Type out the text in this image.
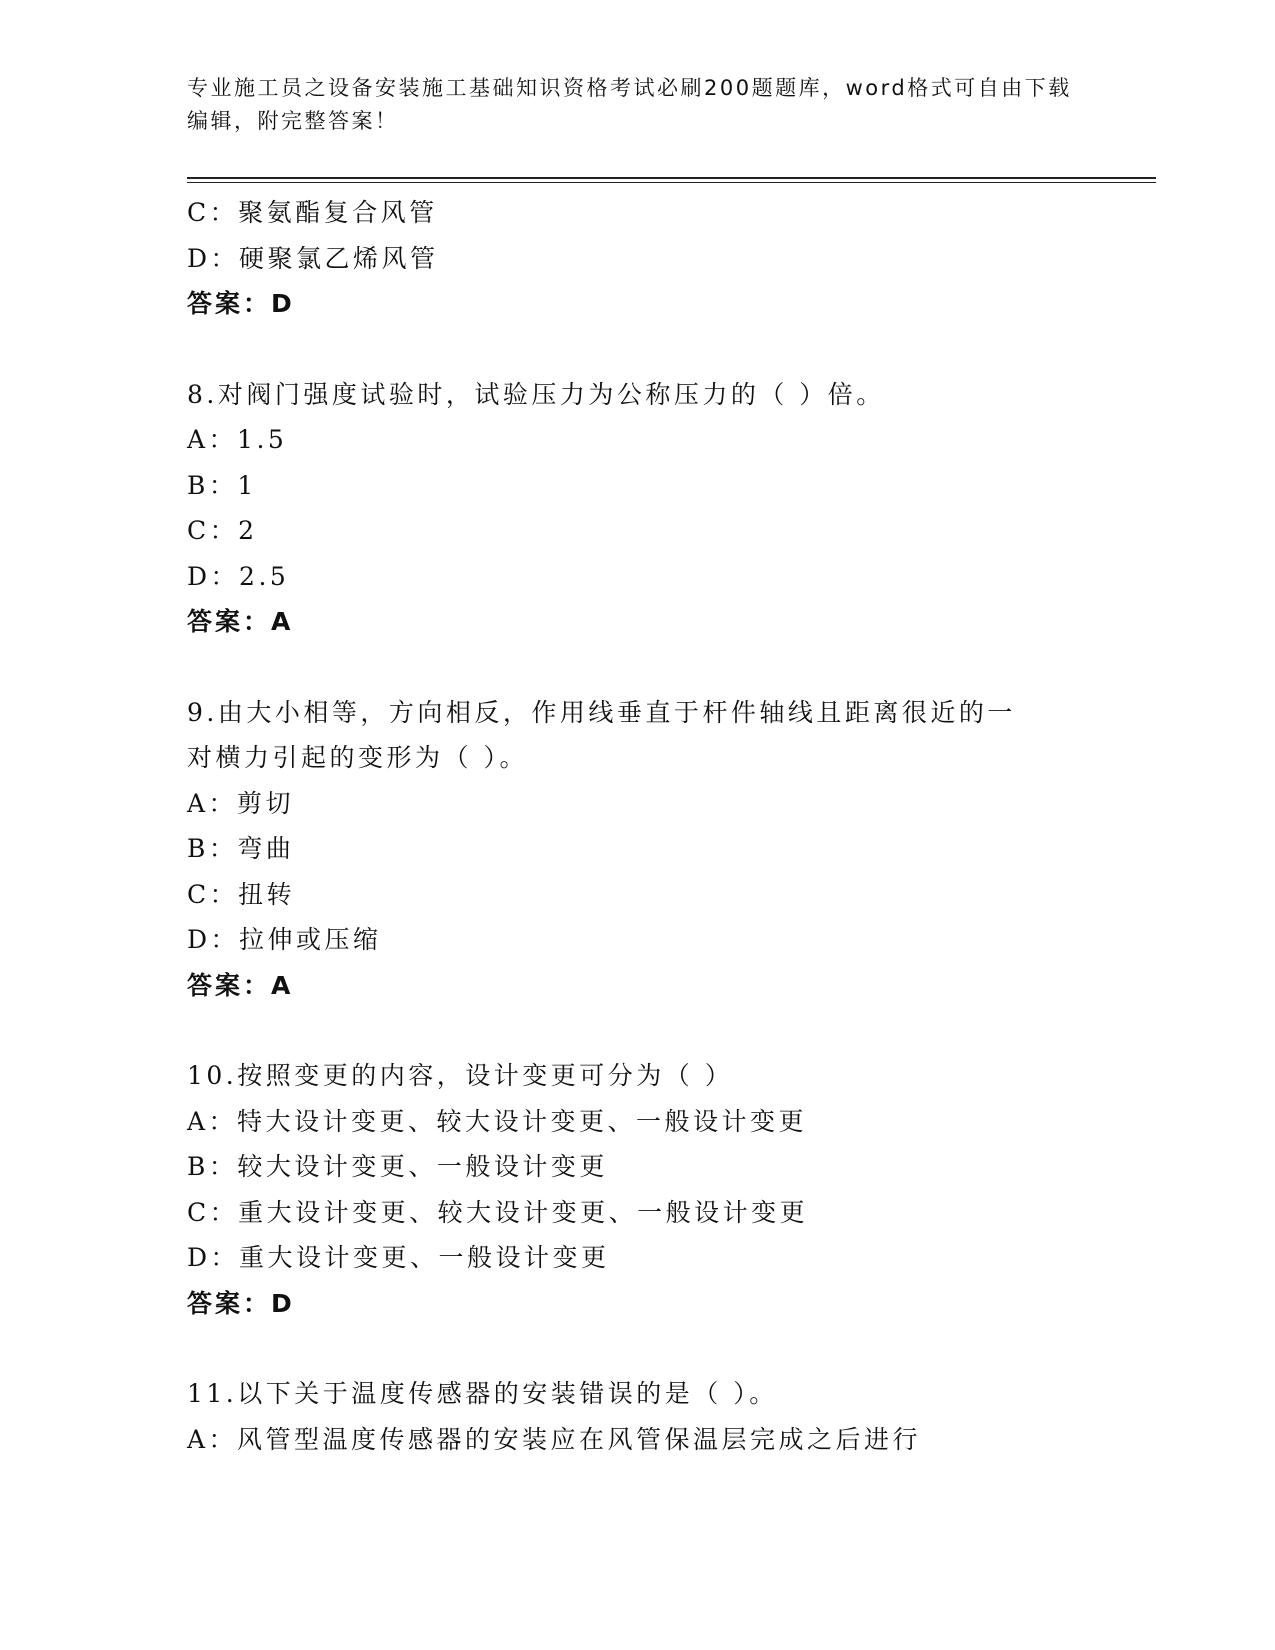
专业施工员之设备安装施工基础知识资格考试必刷200题题库，word格式可自由下载编辑，附完整答案！
C：聚氨酯复合风管
D：硬聚氯乙烯风管
答案：D
8.对阀门强度试验时，试验压力为公称压力的（ ）倍。
A：1.5
B：1
C：2
D：2.5
答案：A
9.由大小相等，方向相反，作用线垂直于杆件轴线且距离很近的一对横力引起的变形为（ ）。
A：剪切
B：弯曲
C：扭转
D：拉伸或压缩
答案：A
10.按照变更的内容，设计变更可分为（ ）
A：特大设计变更、较大设计变更、一般设计变更
B：较大设计变更、一般设计变更
C：重大设计变更、较大设计变更、一般设计变更
D：重大设计变更、一般设计变更
答案：D
11.以下关于温度传感器的安装错误的是（ ）。
A：风管型温度传感器的安装应在风管保温层完成之后进行
